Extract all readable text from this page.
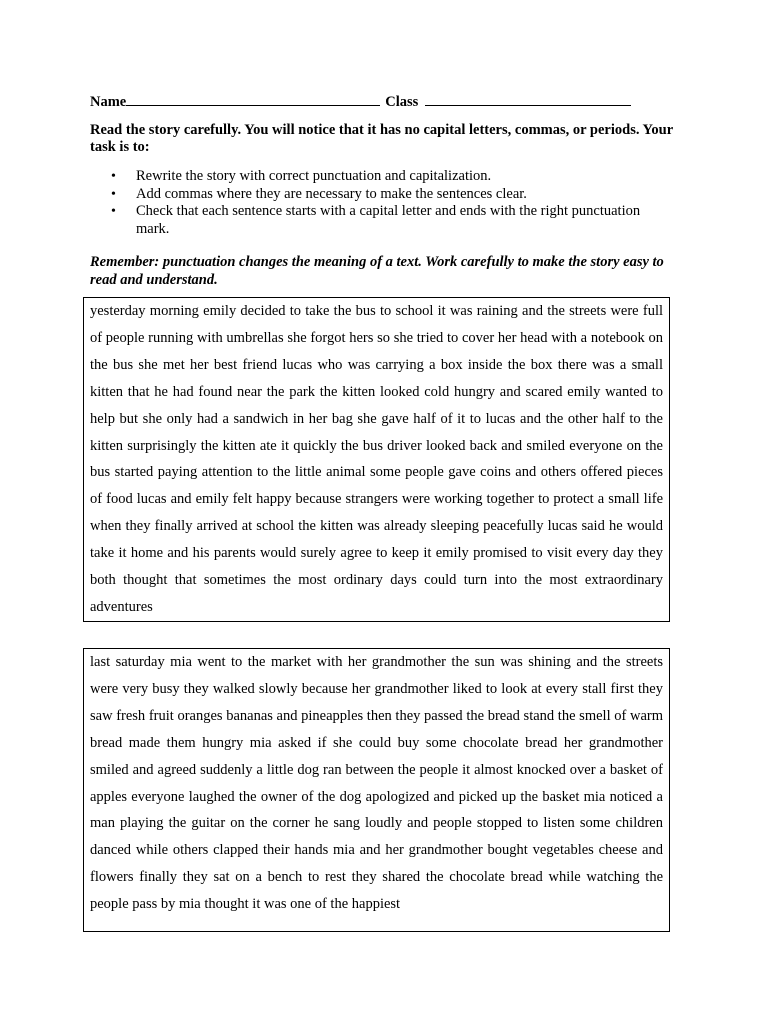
Name	Class

Read the story carefully. You will notice that it has no capital letters, commas, or periods. Your task is to:

• Rewrite the story with correct punctuation and capitalization.
• Add commas where they are necessary to make the sentences clear.
• Check that each sentence starts with a capital letter and ends with the right punctuation mark.

Remember: punctuation changes the meaning of a text. Work carefully to make the story easy to read and understand.

yesterday morning emily decided to take the bus to school it was raining and the streets were full of people running with umbrellas she forgot hers so she tried to cover her head with a notebook on the bus she met her best friend lucas who was carrying a box inside the box there was a small kitten that he had found near the park the kitten looked cold hungry and scared emily wanted to help but she only had a sandwich in her bag she gave half of it to lucas and the other half to the kitten surprisingly the kitten ate it quickly the bus driver looked back and smiled everyone on the bus started paying attention to the little animal some people gave coins and others offered pieces of food lucas and emily felt happy because strangers were working together to protect a small life when they finally arrived at school the kitten was already sleeping peacefully lucas said he would take it home and his parents would surely agree to keep it emily promised to visit every day they both thought that sometimes the most ordinary days could turn into the most extraordinary adventures

last saturday mia went to the market with her grandmother the sun was shining and the streets were very busy they walked slowly because her grandmother liked to look at every stall first they saw fresh fruit oranges bananas and pineapples then they passed the bread stand the smell of warm bread made them hungry mia asked if she could buy some chocolate bread her grandmother smiled and agreed suddenly a little dog ran between the people it almost knocked over a basket of apples everyone laughed the owner of the dog apologized and picked up the basket mia noticed a man playing the guitar on the corner he sang loudly and people stopped to listen some children danced while others clapped their hands mia and her grandmother bought vegetables cheese and flowers finally they sat on a bench to rest they shared the chocolate bread while watching the people pass by mia thought it was one of the happiest
